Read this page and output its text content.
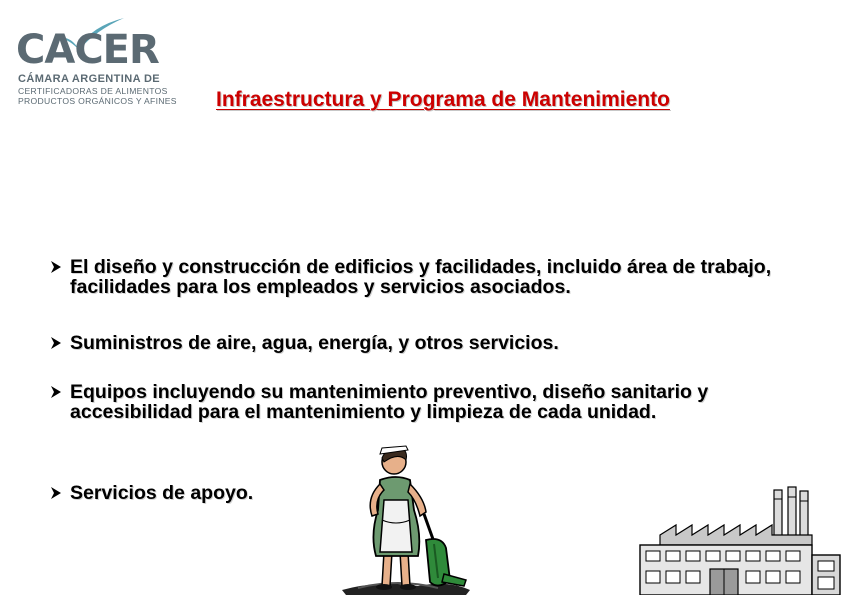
CACER
CÁMARA ARGENTINA DE
CERTIFICADORAS DE ALIMENTOS
PRODUCTOS ORGÁNICOS Y AFINES Infraestructura y Programa de Mantenimiento
El diseño y construcción de edificios y facilidades, incluido área de trabajo, facilidades para los empleados y servicios asociados.
Suministros de aire, agua, energía, y otros servicios.
Equipos incluyendo su mantenimiento preventivo, diseño sanitario y accesibilidad para el mantenimiento y limpieza de cada unidad.
Servicios de apoyo.
